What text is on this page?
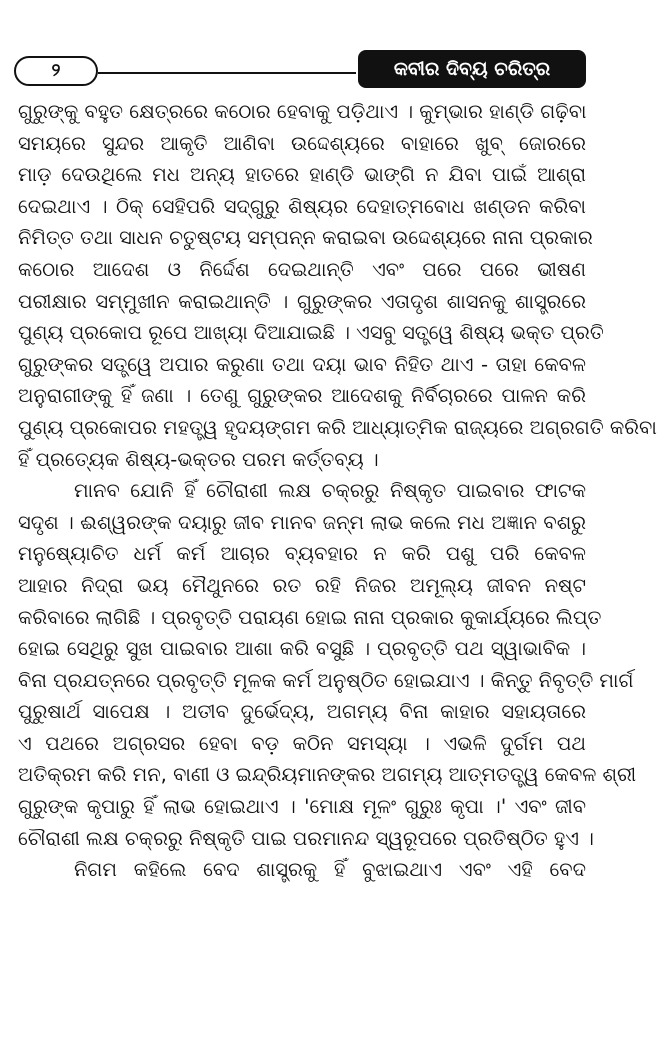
୨	କବୀର ଦିବ୍ୟ ଚରିତ୍ର
ଗୁରୁଙ୍କୁ ବହୁତ କ୍ଷେତ୍ରରେ କଠୋର ହେବାକୁ ପଡ଼ିଥାଏ । କୁମ୍ଭାର ହାଣ୍ଡି ଗଢ଼ିବା
ସମୟରେ ସୁନ୍ଦର ଆକୃତି ଆଣିବା ଉଦ୍ଦେଶ୍ୟରେ ବାହାରେ ଖୁବ୍ ଜୋରରେ
ମାଡ଼ ଦେଉଥିଲେ ମଧ ଅନ୍ୟ ହାତରେ ହାଣ୍ଡି ଭାଙ୍ଗି ନ ଯିବା ପାଇଁ ଆଶ୍ରା
ଦେଇଥାଏ । ଠିକ୍ ସେହିପରି ସଦ୍‌ଗୁରୁ ଶିଷ୍ୟର ଦେହାତ୍ମବୋଧ ଖଣ୍ଡନ କରିବା
ନିମିତ୍ତ ତଥା ସାଧନ ଚତୁଷ୍ଟୟ ସମ୍ପନ୍ନ କରାଇବା ଉଦ୍ଦେଶ୍ୟରେ ନାନା ପ୍ରକାର
କଠୋର ଆଦେଶ ଓ ନିର୍ଦ୍ଦେଶ ଦେଇଥାନ୍ତି ଏବଂ ପରେ ପରେ ଭୀଷଣ
ପରୀକ୍ଷାର ସମ୍ମୁଖୀନ କରାଇଥାନ୍ତି । ଗୁରୁଙ୍କର ଏତାଦୃଶ ଶାସନକୁ ଶାସ୍ତ୍ରରେ
ପୁଣ୍ୟ ପ୍ରକୋପ ରୂପେ ଆଖ୍ୟା ଦିଆଯାଇଛି । ଏସବୁ ସତ୍ତ୍ୱେ ଶିଷ୍ୟ ଭକ୍ତ ପ୍ରତି
ଗୁରୁଙ୍କର ସତ୍ତ୍ୱେ ଅପାର କରୁଣା ତଥା ଦୟା ଭାବ ନିହିତ ଥାଏ - ତାହା କେବଳ
ଅନୁରାଗୀଙ୍କୁ ହିଁ ଜଣା । ତେଣୁ ଗୁରୁଙ୍କର ଆଦେଶକୁ ନିର୍ବିଚାରରେ ପାଳନ କରି
ପୁଣ୍ୟ ପ୍ରକୋପର ମହତ୍ତ୍ୱ ହୃଦୟଙ୍ଗମ କରି ଆଧ୍ୟାତ୍ମିକ ରାଜ୍ୟରେ ଅଗ୍ରଗତି କରିବା
ହିଁ ପ୍ରତ୍ୟେକ ଶିଷ୍ୟ-ଭକ୍ତର ପରମ କର୍ତ୍ତବ୍ୟ ।
ମାନବ ଯୋନି ହିଁ ଚୌରାଶୀ ଲକ୍ଷ ଚକ୍ରରୁ ନିଷ୍କୃତ ପାଇବାର ଫାଟକ
ସଦୃଶ । ଈଶ୍ୱରଙ୍କ ଦୟାରୁ ଜୀବ ମାନବ ଜନ୍ମ ଲାଭ କଲେ ମଧ ଅଜ୍ଞାନ ବଶରୁ
ମନୁଷ୍ୟୋଚିତ ଧର୍ମ କର୍ମ ଆଚାର ବ୍ୟବହାର ନ କରି ପଶୁ ପରି କେବଳ
ଆହାର ନିଦ୍ରା ଭୟ ମୈଥୁନରେ ରତ ରହି ନିଜର ଅମୂଲ୍ୟ ଜୀବନ ନଷ୍ଟ
କରିବାରେ ଲାଗିଛି । ପ୍ରବୃତ୍ତି ପରାୟଣ ହୋଇ ନାନା ପ୍ରକାର କୁକାର୍ଯ୍ୟରେ ଲିପ୍ତ
ହୋଇ ସେଥିରୁ ସୁଖ ପାଇବାର ଆଶା କରି ବସୁଛି । ପ୍ରବୃତ୍ତି ପଥ ସ୍ୱାଭାବିକ ।
ବିନା ପ୍ରଯତ୍ନରେ ପ୍ରବୃତ୍ତି ମୂଳକ କର୍ମ ଅନୁଷ୍ଠିତ ହୋଇଯାଏ । କିନ୍ତୁ ନିବୃତ୍ତି ମାର୍ଗ
ପୁରୁଷାର୍ଥ ସାପେକ୍ଷ । ଅତୀବ ଦୁର୍ଭେଦ୍ୟ, ଅଗମ୍ୟ ବିନା କାହାର ସହାୟତାରେ
ଏ ପଥରେ ଅଗ୍ରସର ହେବା ବଡ଼ କଠିନ ସମସ୍ୟା । ଏଭଳି ଦୁର୍ଗମ ପଥ
ଅତିକ୍ରମ କରି ମନ, ବାଣୀ ଓ ଇନ୍ଦ୍ରିୟମାନଙ୍କର ଅଗମ୍ୟ ଆତ୍ମତତ୍ତ୍ୱ କେବଳ ଶ୍ରୀ
ଗୁରୁଙ୍କ କୃପାରୁ ହିଁ ଲାଭ ହୋଇଥାଏ । 'ମୋକ୍ଷ ମୂଳଂ ଗୁରୁଃ କୃପା ।' ଏବଂ ଜୀବ
ଚୌରାଶୀ ଲକ୍ଷ ଚକ୍ରରୁ ନିଷ୍କୃତି ପାଇ ପରମାନନ୍ଦ ସ୍ୱରୂପରେ ପ୍ରତିଷ୍ଠିତ ହୁଏ ।
ନିଗମ କହିଲେ ବେଦ ଶାସ୍ତ୍ରକୁ ହିଁ ବୁଝାଇଥାଏ ଏବଂ ଏହି ବେଦ
